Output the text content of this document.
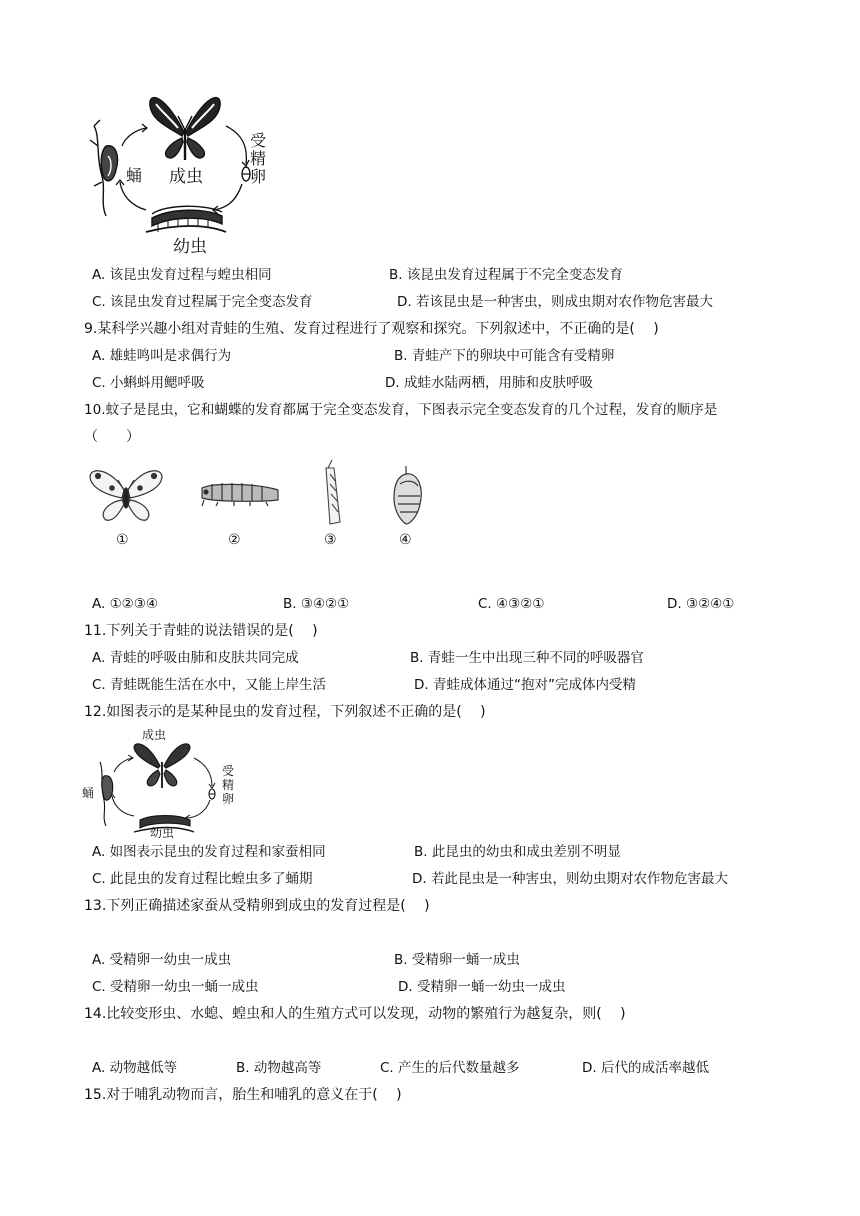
蛹 成虫
幼虫
受精卵
A. 该昆虫发育过程与蝗虫相同	B. 该昆虫发育过程属于不完全变态发育
C. 该昆虫发育过程属于完全变态发育	D. 若该昆虫是一种害虫，则成虫期对农作物危害最大
9.某科学兴趣小组对青蛙的生殖、发育过程进行了观察和探究。下列叙述中，不正确的是(　 )
A. 雄蛙鸣叫是求偶行为	B. 青蛙产下的卵块中可能含有受精卵
C. 小蝌蚪用鳃呼吸	D. 成蛙水陆两栖，用肺和皮肤呼吸
10.蚊子是昆虫，它和蝴蝶的发育都属于完全变态发育，下图表示完全变态发育的几个过程，发育的顺序是
（　　）
①	②	③	④
A. ①②③④	B. ③④②①	C. ④③②①	D. ③②④①
11.下列关于青蛙的说法错误的是(　 )
A. 青蛙的呼吸由肺和皮肤共同完成	B. 青蛙一生中出现三种不同的呼吸器官
C. 青蛙既能生活在水中，又能上岸生活	D. 青蛙成体通过“抱对”完成体内受精
12.如图表示的是某种昆虫的发育过程，下列叙述不正确的是(　 )
成虫
蛹
受精卵
幼虫
A. 如图表示昆虫的发育过程和家蚕相同	B. 此昆虫的幼虫和成虫差别不明显
C. 此昆虫的发育过程比蝗虫多了蛹期	D. 若此昆虫是一种害虫，则幼虫期对农作物危害最大
13.下列正确描述家蚕从受精卵到成虫的发育过程是(　 )
A. 受精卵一幼虫一成虫	B. 受精卵一蛹一成虫
C. 受精卵一幼虫一蛹一成虫	D. 受精卵一蛹一幼虫一成虫
14.比较变形虫、水螅、蝗虫和人的生殖方式可以发现，动物的繁殖行为越复杂，则(　 )
A. 动物越低等	B. 动物越高等	C. 产生的后代数量越多	D. 后代的成活率越低
15.对于哺乳动物而言，胎生和哺乳的意义在于(　 )
